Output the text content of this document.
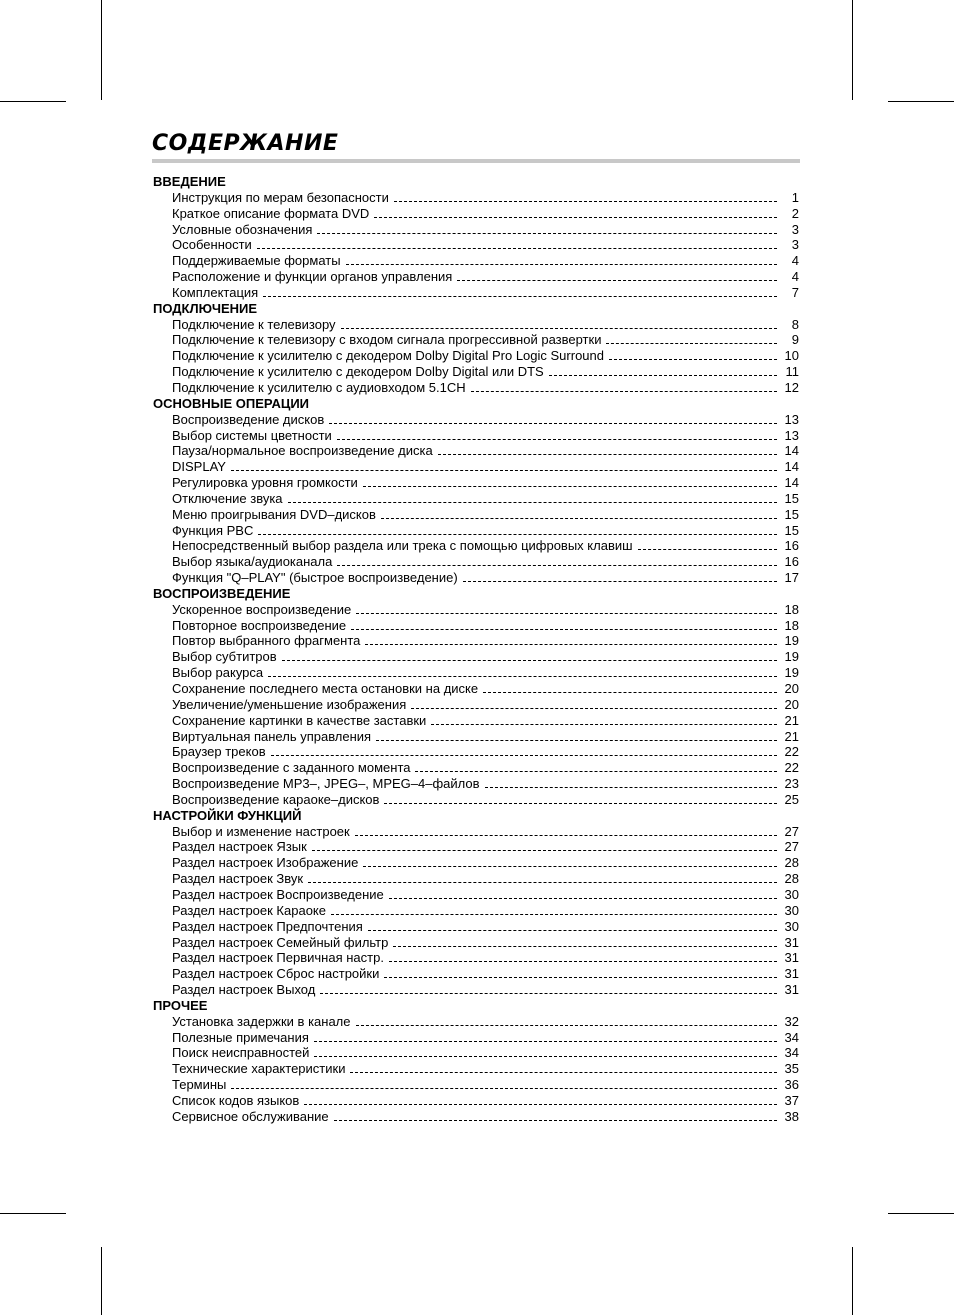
СОДЕРЖАНИЕ
ВВЕДЕНИЕ
Инструкция по мерам безопасности	1
Краткое описание формата DVD	2
Условные обозначения	3
Особенности	3
Поддерживаемые форматы	4
Расположение и функции органов управления	4
Комплектация	7
ПОДКЛЮЧЕНИЕ
Подключение к телевизору	8
Подключение к телевизору с входом сигнала прогрессивной развертки	9
Подключение к усилителю с декодером Dolby Digital Pro Logic Surround	10
Подключение к усилителю с декодером Dolby Digital или DTS	11
Подключение к усилителю с аудиовходом 5.1CH	12
ОСНОВНЫЕ ОПЕРАЦИИ
Воспроизведение дисков	13
Выбор системы цветности	13
Пауза/нормальное воспроизведение диска	14
DISPLAY	14
Регулировка уровня громкости	14
Отключение звука	15
Меню проигрывания DVD–дисков	15
Функция PBC	15
Непосредственный выбор раздела или трека с помощью цифровых клавиш	16
Выбор языка/аудиоканала	16
Функция "Q–PLAY" (быстрое воспроизведение)	17
ВОСПРОИЗВЕДЕНИЕ
Ускоренное воспроизведение	18
Повторное воспроизведение	18
Повтор выбранного фрагмента	19
Выбор субтитров	19
Выбор ракурса	19
Сохранение последнего места остановки на диске	20
Увеличение/уменьшение изображения	20
Сохранение картинки в качестве заставки	21
Виртуальная панель управления	21
Браузер треков	22
Воспроизведение с заданного момента	22
Воспроизведение MP3–, JPEG–, MPEG–4–файлов	23
Воспроизведение караоке–дисков	25
НАСТРОЙКИ ФУНКЦИЙ
Выбор и изменение настроек	27
Раздел настроек Язык	27
Раздел настроек Изображение	28
Раздел настроек Звук	28
Раздел настроек Воспроизведение	30
Раздел настроек Караоке	30
Раздел настроек Предпочтения	30
Раздел настроек Семейный фильтр	31
Раздел настроек Первичная настр.	31
Раздел настроек Сброс настройки	31
Раздел настроек Выход	31
ПРОЧЕЕ
Установка задержки в канале	32
Полезные примечания	34
Поиск неисправностей	34
Технические характеристики	35
Термины	36
Список кодов языков	37
Сервисное обслуживание	38
